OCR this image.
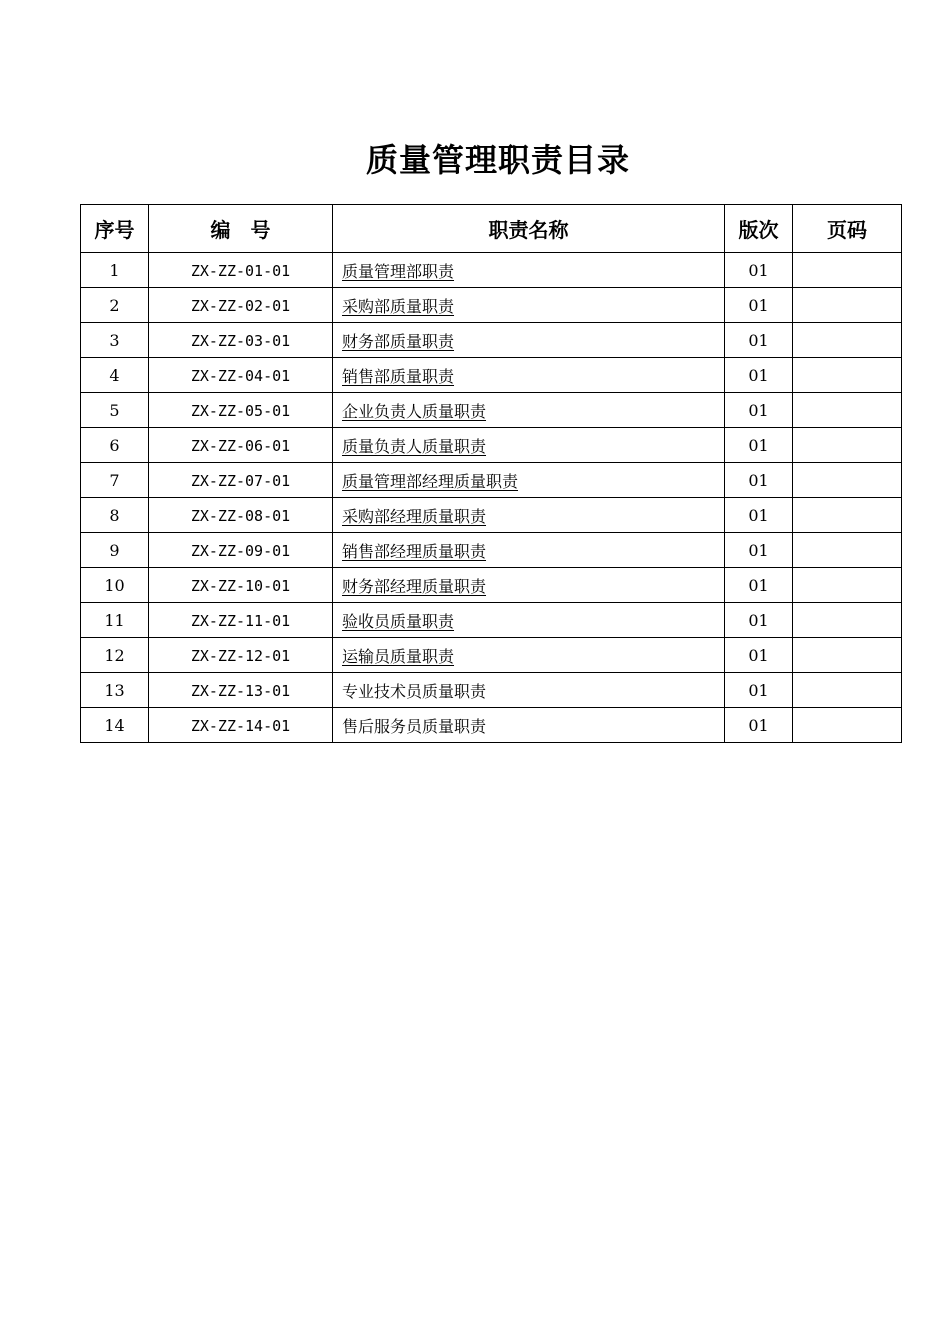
质量管理职责目录
序号	编　号	职责名称	版次	页码
1	ZX-ZZ-01-01	质量管理部职责	01	
2	ZX-ZZ-02-01	采购部质量职责	01	
3	ZX-ZZ-03-01	财务部质量职责	01	
4	ZX-ZZ-04-01	销售部质量职责	01	
5	ZX-ZZ-05-01	企业负责人质量职责	01	
6	ZX-ZZ-06-01	质量负责人质量职责	01	
7	ZX-ZZ-07-01	质量管理部经理质量职责	01	
8	ZX-ZZ-08-01	采购部经理质量职责	01	
9	ZX-ZZ-09-01	销售部经理质量职责	01	
10	ZX-ZZ-10-01	财务部经理质量职责	01	
11	ZX-ZZ-11-01	验收员质量职责	01	
12	ZX-ZZ-12-01	运输员质量职责	01	
13	ZX-ZZ-13-01	专业技术员质量职责	01	
14	ZX-ZZ-14-01	售后服务员质量职责	01	
